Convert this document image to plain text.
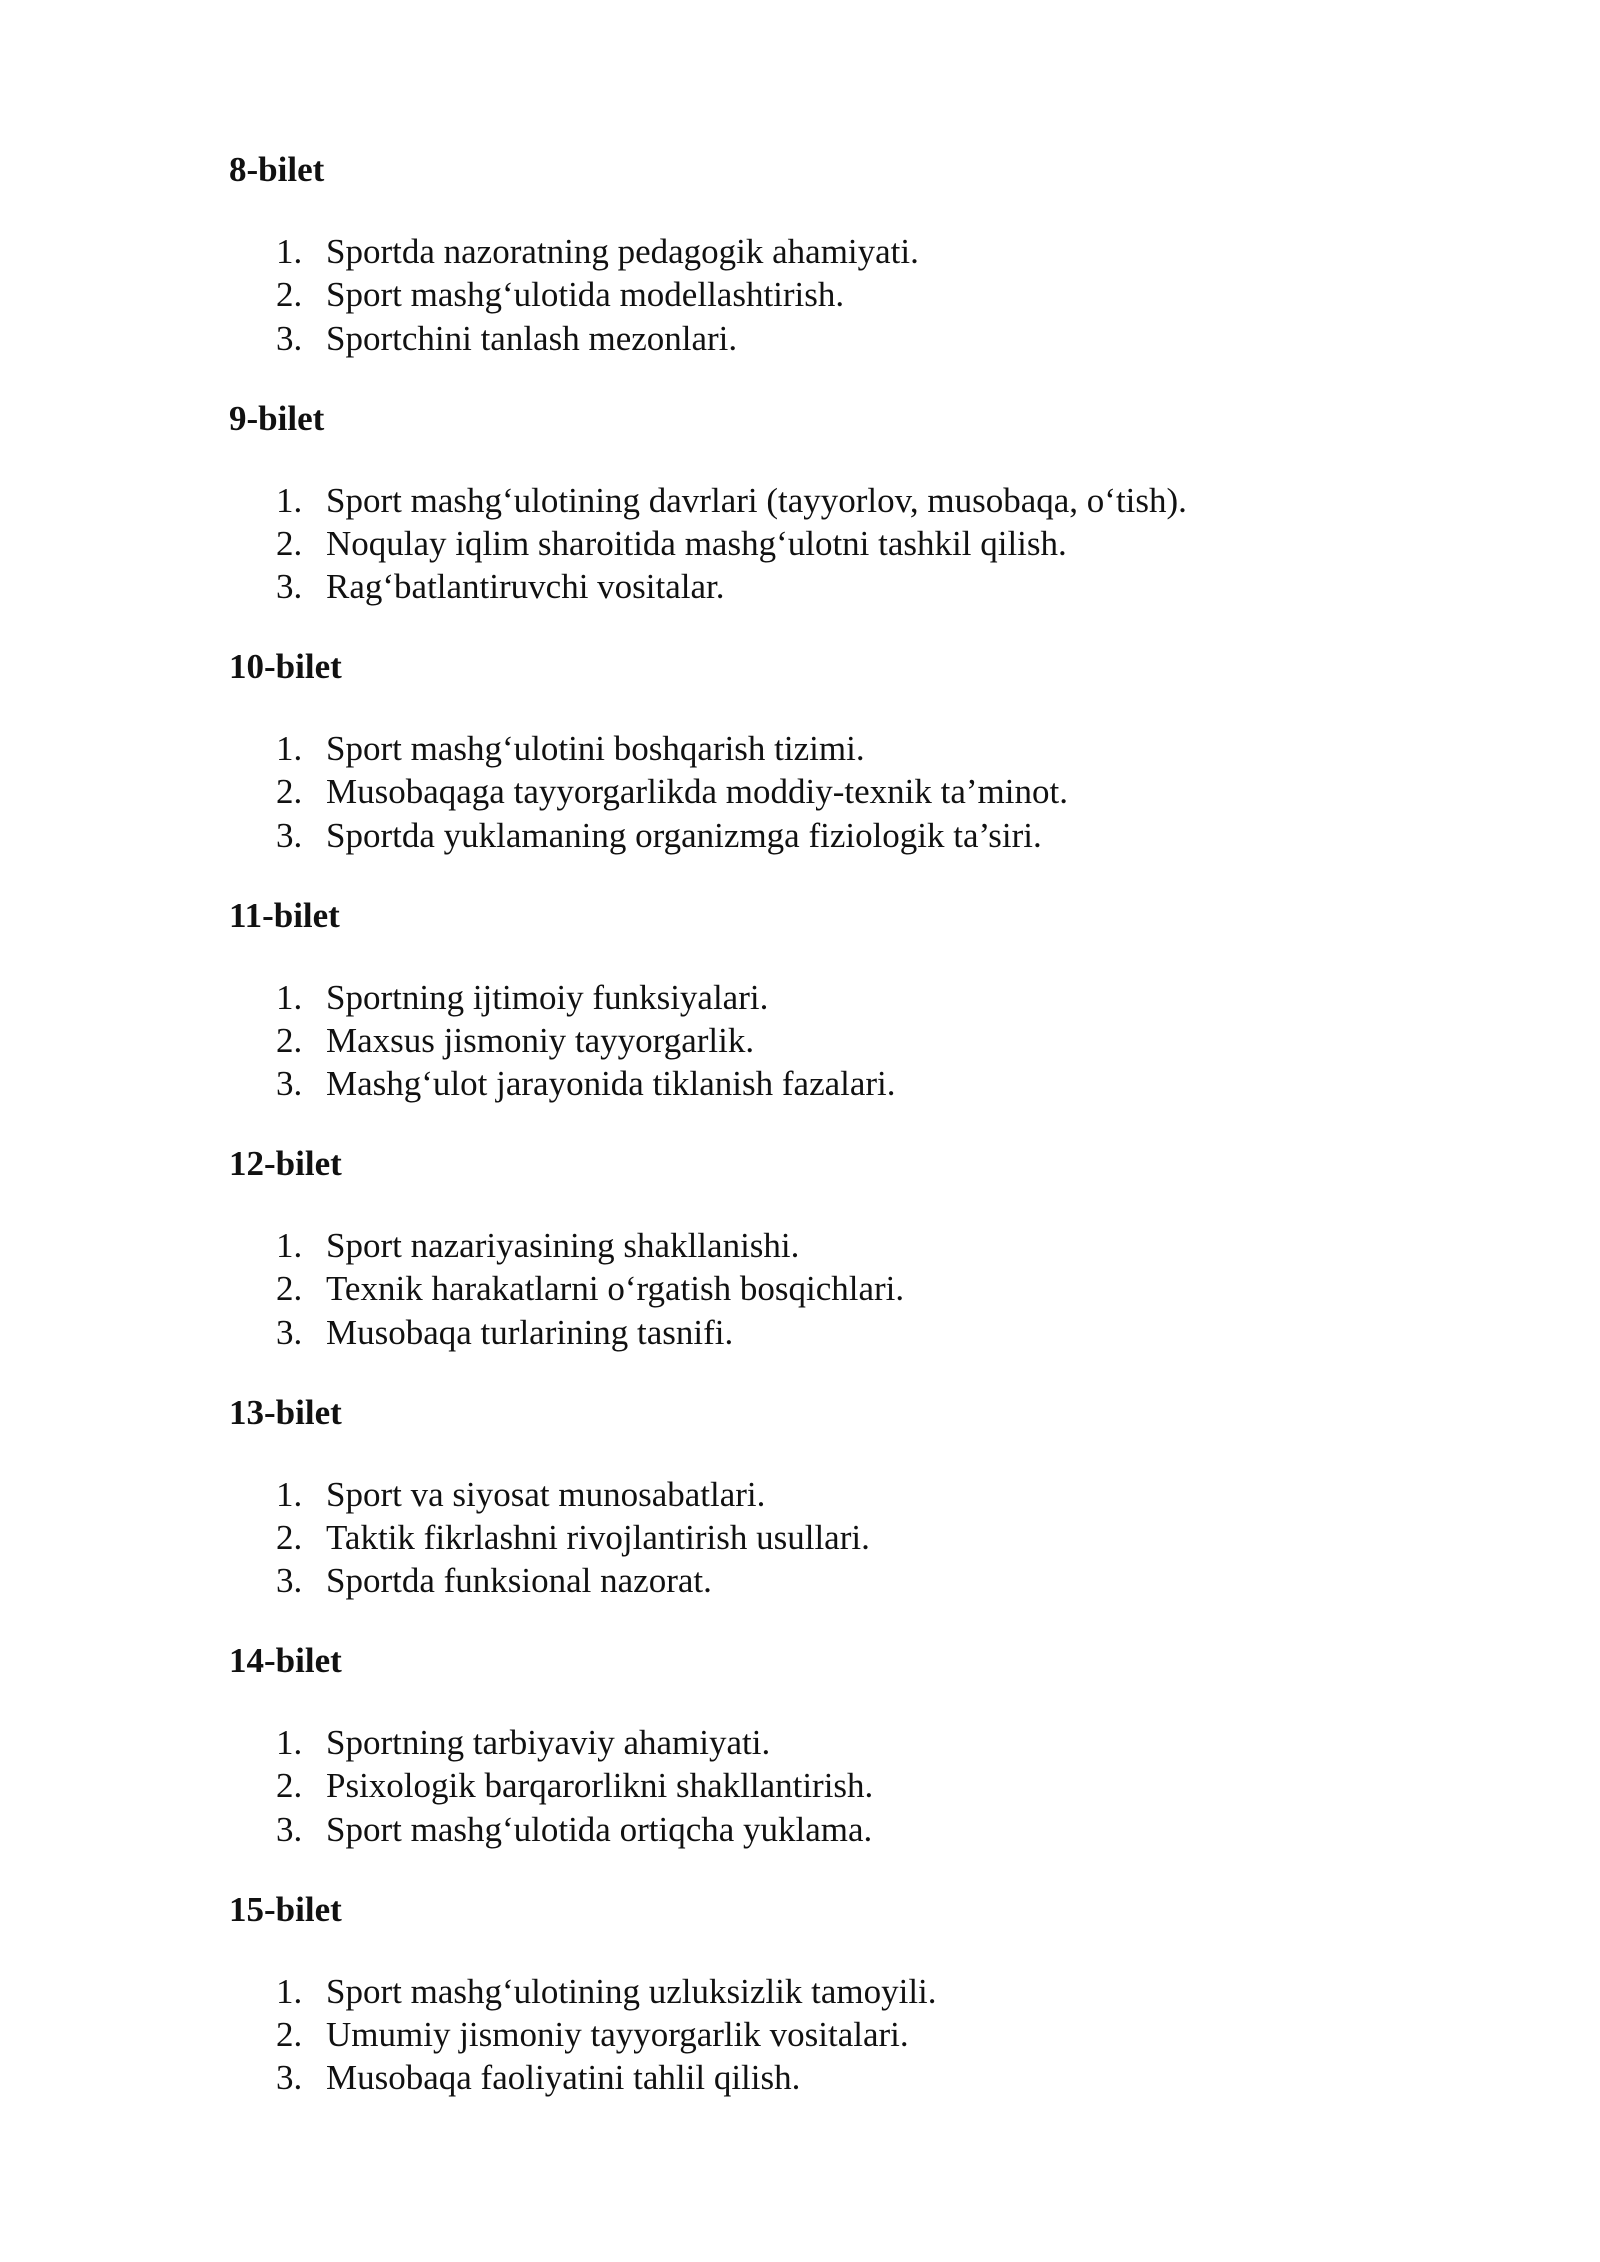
8-bilet
1. Sportda nazoratning pedagogik ahamiyati.
2. Sport mashg‘ulotida modellashtirish.
3. Sportchini tanlash mezonlari.
9-bilet
1. Sport mashg‘ulotining davrlari (tayyorlov, musobaqa, o‘tish).
2. Noqulay iqlim sharoitida mashg‘ulotni tashkil qilish.
3. Rag‘batlantiruvchi vositalar.
10-bilet
1. Sport mashg‘ulotini boshqarish tizimi.
2. Musobaqaga tayyorgarlikda moddiy-texnik ta’minot.
3. Sportda yuklamaning organizmga fiziologik ta’siri.
11-bilet
1. Sportning ijtimoiy funksiyalari.
2. Maxsus jismoniy tayyorgarlik.
3. Mashg‘ulot jarayonida tiklanish fazalari.
12-bilet
1. Sport nazariyasining shakllanishi.
2. Texnik harakatlarni o‘rgatish bosqichlari.
3. Musobaqa turlarining tasnifi.
13-bilet
1. Sport va siyosat munosabatlari.
2. Taktik fikrlashni rivojlantirish usullari.
3. Sportda funksional nazorat.
14-bilet
1. Sportning tarbiyaviy ahamiyati.
2. Psixologik barqarorlikni shakllantirish.
3. Sport mashg‘ulotida ortiqcha yuklama.
15-bilet
1. Sport mashg‘ulotining uzluksizlik tamoyili.
2. Umumiy jismoniy tayyorgarlik vositalari.
3. Musobaqa faoliyatini tahlil qilish.
